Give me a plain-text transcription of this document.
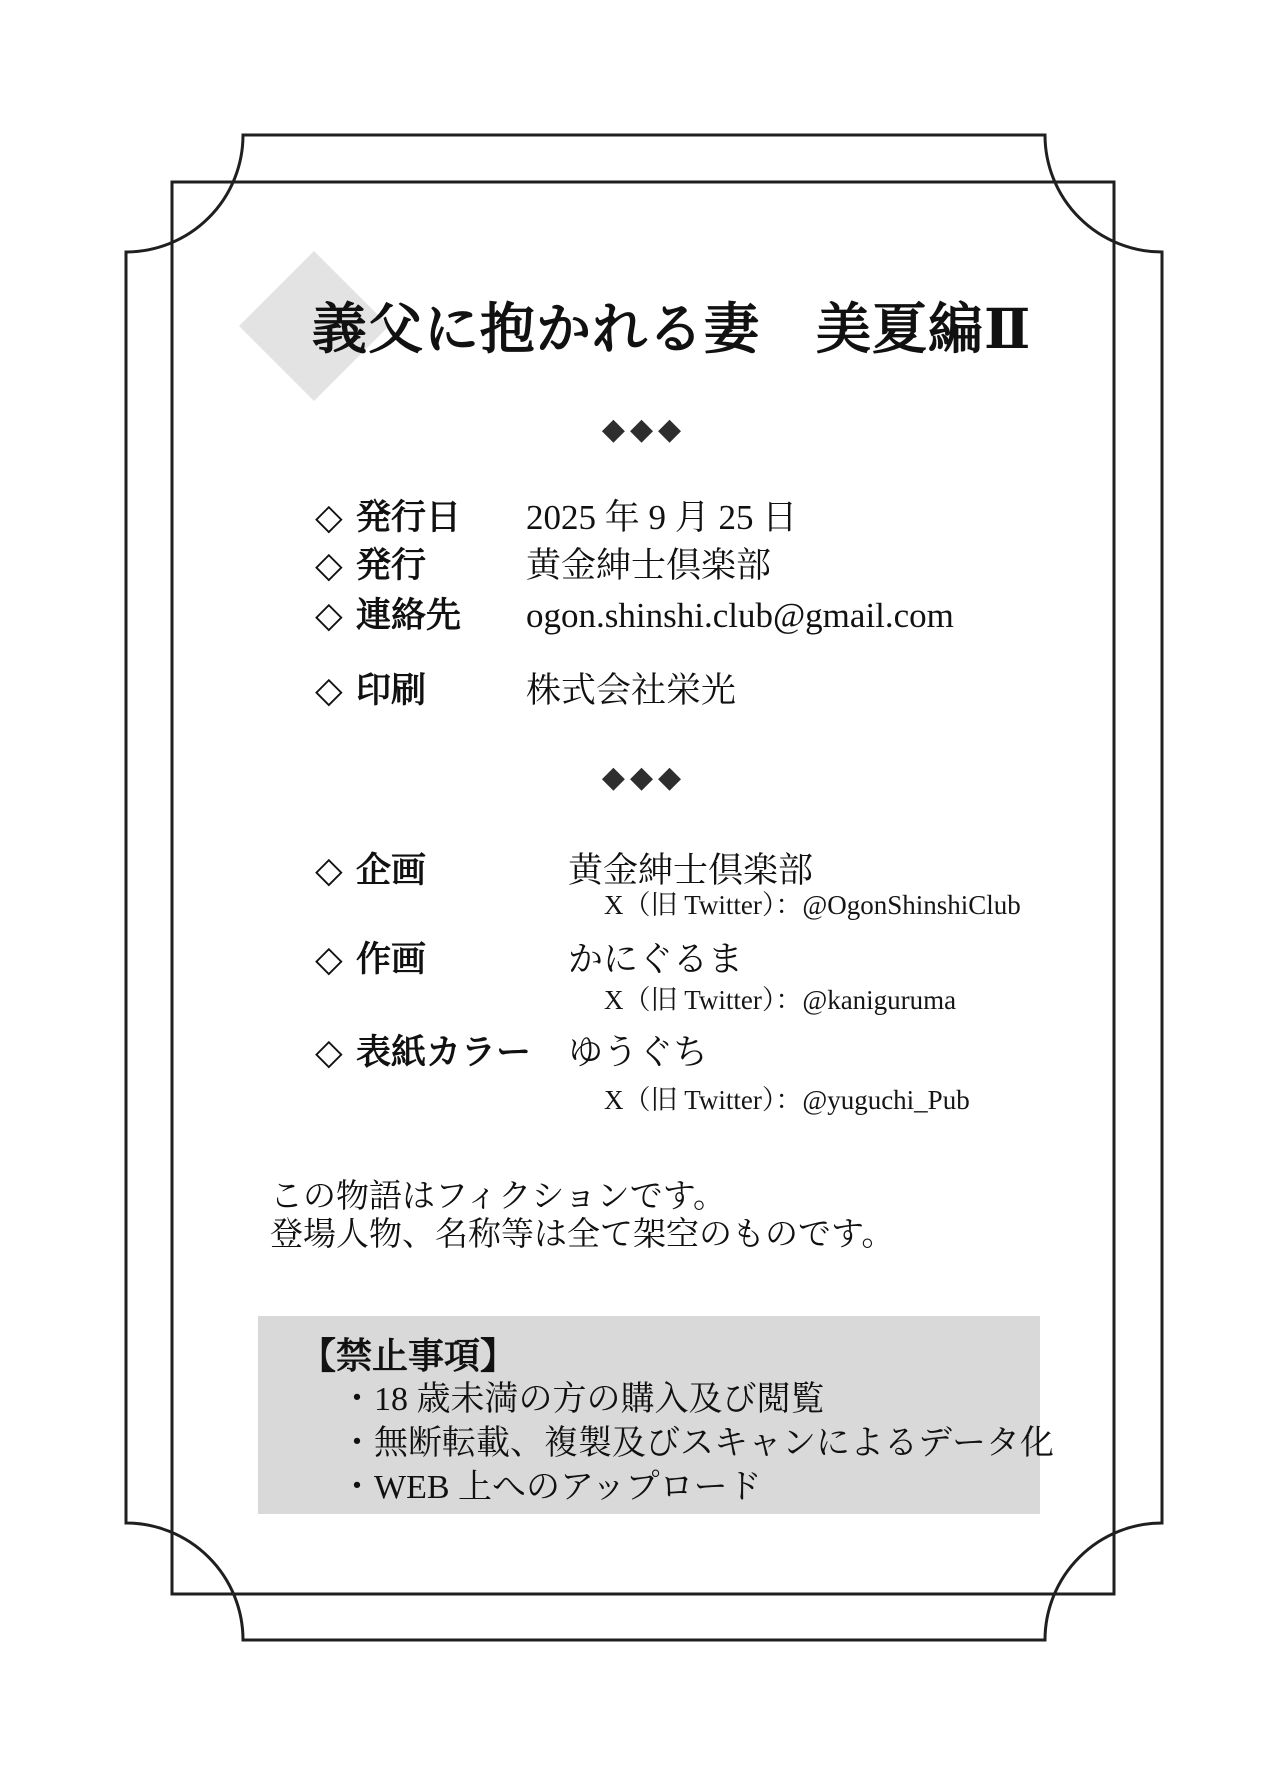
義父に抱かれる妻　美夏編Ⅱ
◆◆◆
◇ 発行日 2025 年 9 月 25 日
◇ 発行	黄金紳士倶楽部
◇ 連絡先 ogon.shinshi.club@gmail.com
◇ 印刷	株式会社栄光
◆◆◆
◇ 企画	黄金紳士倶楽部
X（旧 Twitter）：@OgonShinshiClub
◇ 作画	かにぐるま
X（旧 Twitter）：@kaniguruma
◇ 表紙カラー ゆうぐち
X（旧 Twitter）：@yuguchi_Pub
この物語はフィクションです。
登場人物、名称等は全て架空のものです。
【禁止事項】
・18 歳未満の方の購入及び閲覧
・無断転載、複製及びスキャンによるデータ化
・WEB 上へのアップロード
